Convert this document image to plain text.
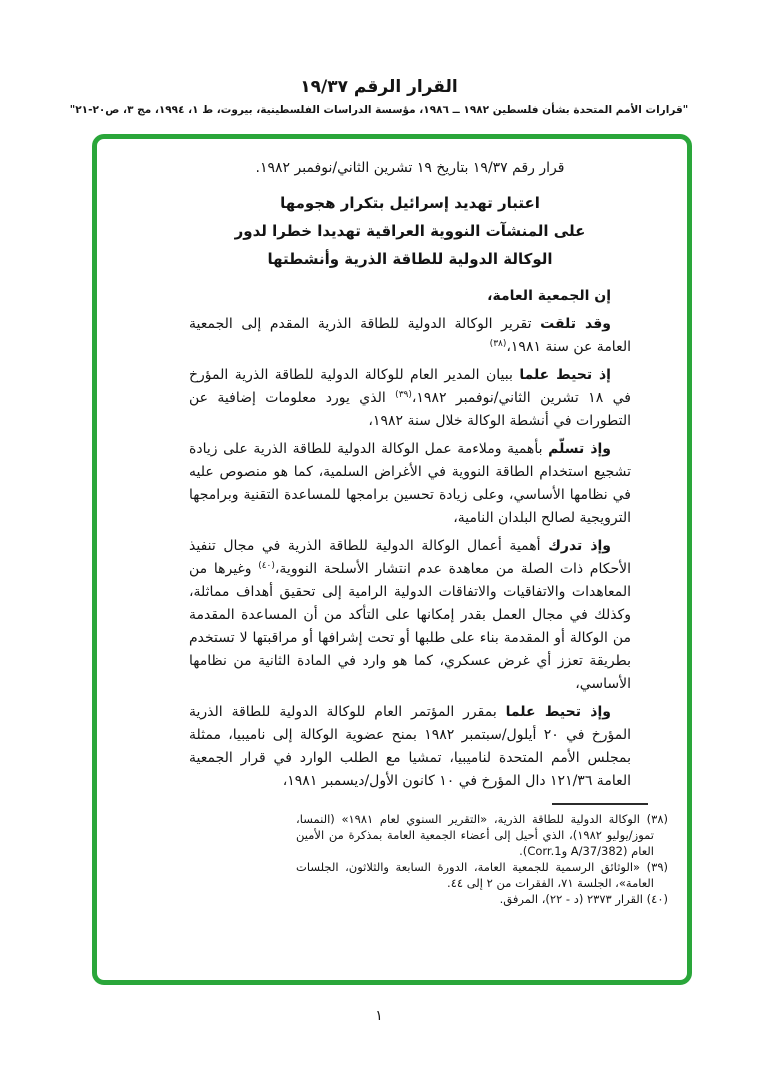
القرار الرقم ١٩/٣٧
"قرارات الأمم المتحدة بشأن فلسطين ١٩٨٢ ــ ١٩٨٦، مؤسسة الدراسات الفلسطينية، بيروت، ط ١، ١٩٩٤، مج ٣، ص٢٠-٢١"

قرار رقم ١٩/٣٧ بتاريخ ١٩ تشرين الثاني/نوفمبر ١٩٨٢.

اعتبار تهديد إسرائيل بتكرار هجومها
على المنشآت النووية العراقية تهديدا خطرا لدور
الوكالة الدولية للطاقة الذرية وأنشطتها

إن الجمعية العامة،

وقد تلقت تقرير الوكالة الدولية للطاقة الذرية المقدم إلى الجمعية العامة عن سنة ١٩٨١،$^{(٣٨)}$

إذ تحيط علما ببيان المدير العام للوكالة الدولية للطاقة الذرية المؤرخ في ١٨ تشرين الثاني/نوفمبر ١٩٨٢،$^{(٣٩)}$ الذي يورد معلومات إضافية عن التطورات في أنشطة الوكالة خلال سنة ١٩٨٢،

وإذ تسلّم بأهمية وملاءمة عمل الوكالة الدولية للطاقة الذرية على زيادة تشجيع استخدام الطاقة النووية في الأغراض السلمية، كما هو منصوص عليه في نظامها الأساسي، وعلى زيادة تحسين برامجها للمساعدة التقنية وبرامجها الترويجية لصالح البلدان النامية،

وإذ تدرك أهمية أعمال الوكالة الدولية للطاقة الذرية في مجال تنفيذ الأحكام ذات الصلة من معاهدة عدم انتشار الأسلحة النووية،$^{(٤٠)}$ وغيرها من المعاهدات والاتفاقيات والاتفاقات الدولية الرامية إلى تحقيق أهداف مماثلة، وكذلك في مجال العمل بقدر إمكانها على التأكد من أن المساعدة المقدمة من الوكالة أو المقدمة بناء على طلبها أو تحت إشرافها أو مراقبتها لا تستخدم بطريقة تعزز أي غرض عسكري، كما هو وارد في المادة الثانية من نظامها الأساسي،

وإذ تحيط علما بمقرر المؤتمر العام للوكالة الدولية للطاقة الذرية المؤرخ في ٢٠ أيلول/سبتمبر ١٩٨٢ بمنح عضوية الوكالة إلى ناميبيا، ممثلة بمجلس الأمم المتحدة لناميبيا، تمشيا مع الطلب الوارد في قرار الجمعية العامة ١٢١/٣٦ دال المؤرخ في ١٠ كانون الأول/ديسمبر ١٩٨١،

(٣٨) الوكالة الدولية للطاقة الذرية، «التقرير السنوي لعام ١٩٨١» (النمسا، تموز/يوليو ١٩٨٢)، الذي أحيل إلى أعضاء الجمعية العامة بمذكرة من الأمين العام (A/37/382 وCorr.1).

(٣٩) «الوثائق الرسمية للجمعية العامة، الدورة السابعة والثلاثون، الجلسات العامة»، الجلسة ٧١، الفقرات من ٢ إلى ٤٤.

(٤٠) القرار ٢٣٧٣ (د - ٢٢)، المرفق.

١
